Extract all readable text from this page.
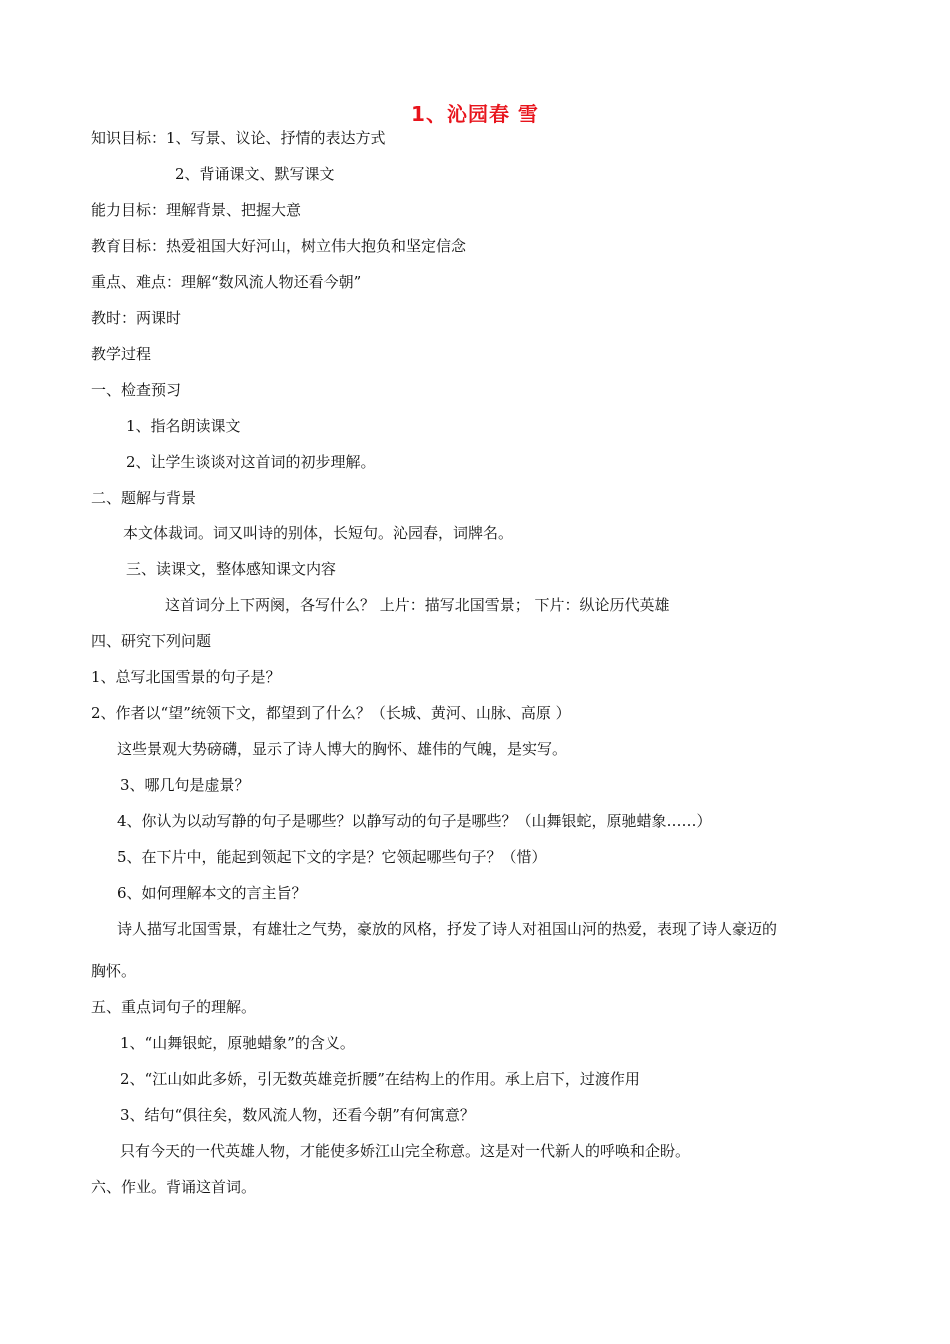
1、沁园春 雪
知识目标：1、写景、议论、抒情的表达方式
2、背诵课文、默写课文
能力目标：理解背景、把握大意
教育目标：热爱祖国大好河山，树立伟大抱负和坚定信念
重点、难点：理解“数风流人物还看今朝”
教时：两课时
教学过程
一、检查预习
1、指名朗读课文
2、让学生谈谈对这首词的初步理解。
二、题解与背景
本文体裁词。词又叫诗的别体，长短句。沁园春，词牌名。
三、读课文，整体感知课文内容
这首词分上下两阕，各写什么？ 上片：描写北国雪景； 下片：纵论历代英雄
四、研究下列问题
1、总写北国雪景的句子是？
2、作者以“望”统领下文，都望到了什么？（长城、黄河、山脉、高原 ）
这些景观大势磅礴，显示了诗人博大的胸怀、雄伟的气魄，是实写。
3、哪几句是虚景？
4、你认为以动写静的句子是哪些？以静写动的句子是哪些？（山舞银蛇，原驰蜡象……）
5、在下片中，能起到领起下文的字是？它领起哪些句子？（惜）
6、如何理解本文的言主旨？
诗人描写北国雪景，有雄壮之气势，豪放的风格，抒发了诗人对祖国山河的热爱，表现了诗人豪迈的
胸怀。
五、重点词句子的理解。
1、“山舞银蛇，原驰蜡象”的含义。
2、“江山如此多娇，引无数英雄竞折腰”在结构上的作用。承上启下，过渡作用
3、结句“俱往矣，数风流人物，还看今朝”有何寓意？
只有今天的一代英雄人物，才能使多娇江山完全称意。这是对一代新人的呼唤和企盼。
六、作业。背诵这首词。
